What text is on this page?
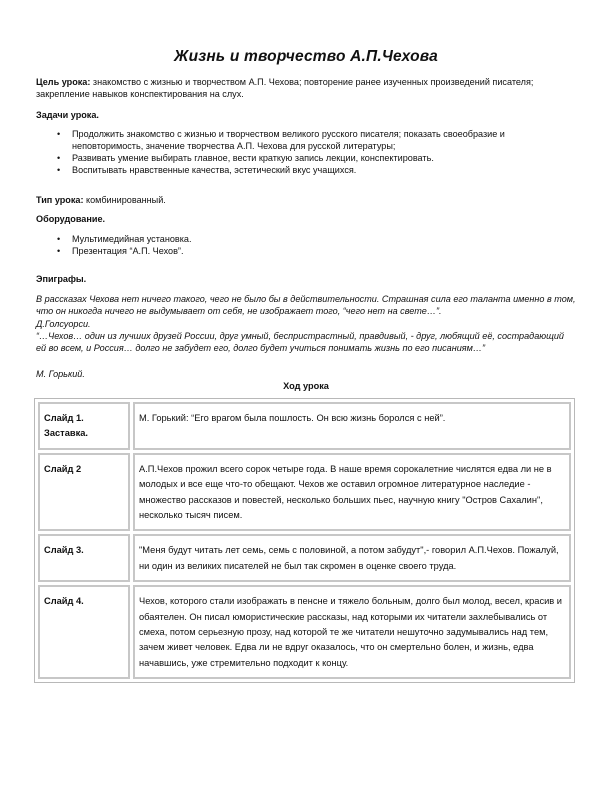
Жизнь и творчество А.П.Чехова
Цель урока: знакомство с жизнью и творчеством А.П. Чехова; повторение ранее изученных произведений писателя; закрепление навыков конспектирования на слух.
Задачи урока.
• Продолжить знакомство с жизнью и творчеством великого русского писателя; показать своеобразие и неповторимость, значение творчества А.П. Чехова для русской литературы;
• Развивать умение выбирать главное, вести краткую запись лекции, конспектировать.
• Воспитывать нравственные качества, эстетический вкус учащихся.
Тип урока: комбинированный.
Оборудование.
• Мультимедийная установка.
• Презентация “А.П. Чехов”.
Эпиграфы.
В рассказах Чехова нет ничего такого, чего не было бы в действительности. Страшная сила его таланта именно в том, что он никогда ничего не выдумывает от себя, не изображает того, “чего нет на свете…”.
Д.Голсуорси.
“…Чехов… один из лучших друзей России, друг умный, беспристрастный, правдивый, - друг, любящий её, сострадающий ей во всем, и Россия… долго не забудет его, долго будет учиться понимать жизнь по его писаниям…”
М. Горький.
Ход урока
Слайд 1. Заставка.	М. Горький: “Его врагом была пошлость. Он всю жизнь боролся с ней”.
Слайд 2	А.П.Чехов прожил всего сорок четыре года. В наше время сорокалетние числятся едва ли не в молодых и все еще что-то обещают. Чехов же оставил огромное литературное наследие - множество рассказов и повестей, несколько больших пьес, научную книгу "Остров Сахалин", несколько тысяч писем.
Слайд 3.	"Меня будут читать лет семь, семь с половиной, а потом забудут",- говорил А.П.Чехов. Пожалуй, ни один из великих писателей не был так скромен в оценке своего труда.
Слайд 4.	Чехов, которого стали изображать в пенсне и тяжело больным, долго был молод, весел, красив и обаятелен. Он писал юмористические рассказы, над которыми их читатели захлебывались от смеха, потом серьезную прозу, над которой те же читатели нешуточно задумывались над тем, зачем живет человек. Едва ли не вдруг оказалось, что он смертельно болен, и жизнь, едва начавшись, уже стремительно подходит к концу.
